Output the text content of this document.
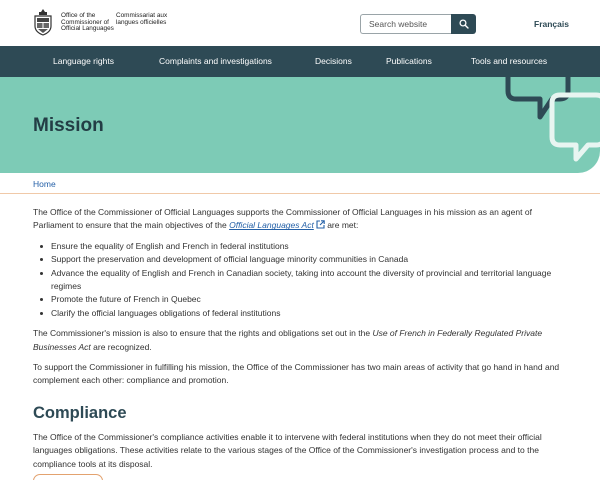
Office of the Commissioner of Official Languages
Commissariat aux langues officielles
Search website	Français
Language rights	Complaints and investigations	Decisions	Publications	Tools and resources
Mission
Home

The Office of the Commissioner of Official Languages supports the Commissioner of Official Languages in his mission as an agent of Parliament to ensure that the main objectives of the Official Languages Act are met:

Ensure the equality of English and French in federal institutions
Support the preservation and development of official language minority communities in Canada
Advance the equality of English and French in Canadian society, taking into account the diversity of provincial and territorial language regimes
Promote the future of French in Quebec
Clarify the official languages obligations of federal institutions

The Commissioner's mission is also to ensure that the rights and obligations set out in the Use of French in Federally Regulated Private Businesses Act are recognized.

To support the Commissioner in fulfilling his mission, the Office of the Commissioner has two main areas of activity that go hand in hand and complement each other: compliance and promotion.

Compliance

The Office of the Commissioner's compliance activities enable it to intervene with federal institutions when they do not meet their official languages obligations. These activities relate to the various stages of the Office of the Commissioner's investigation process and to the compliance tools at its disposal.
